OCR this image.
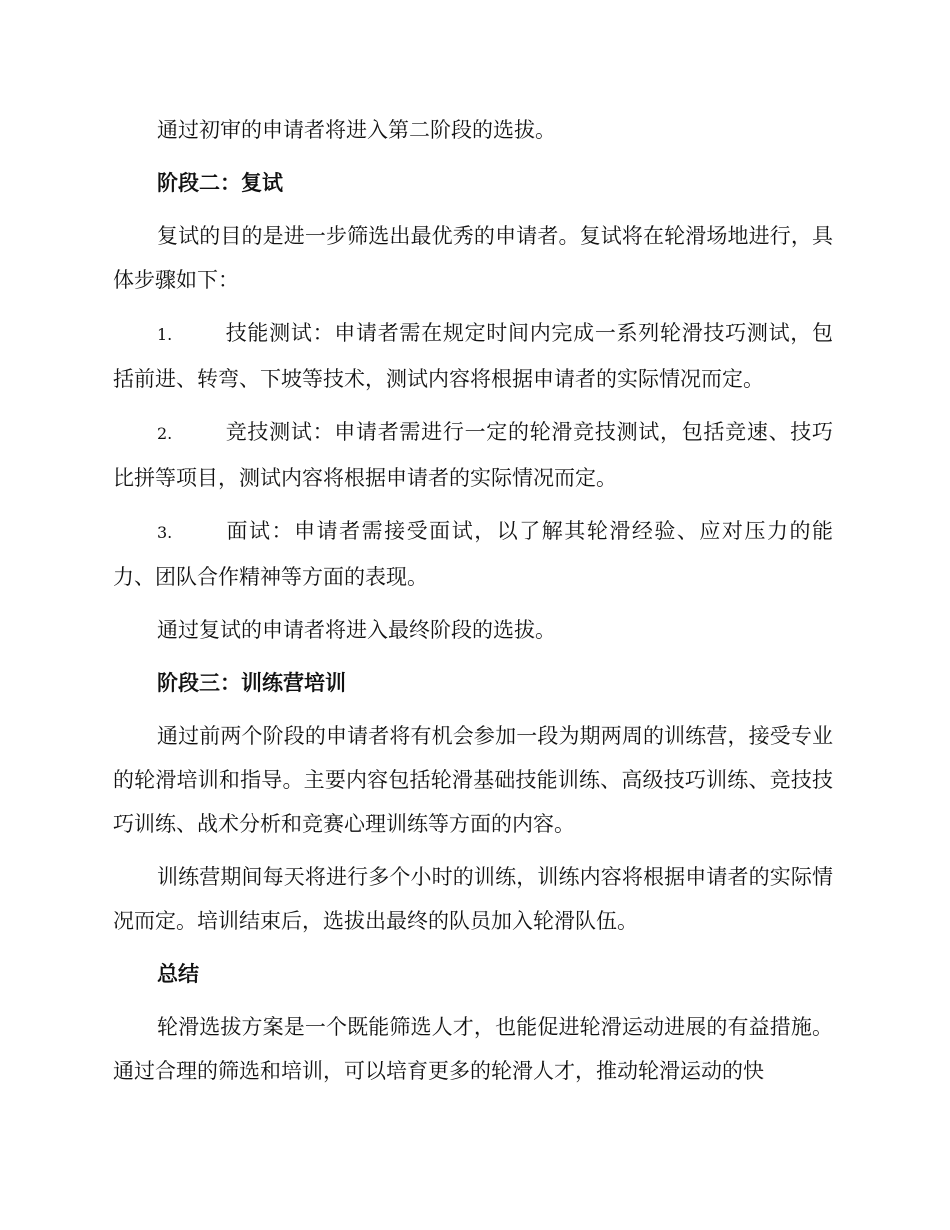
通过初审的申请者将进入第二阶段的选拔。

阶段二：复试

复试的目的是进一步筛选出最优秀的申请者。复试将在轮滑场地进行，具体步骤如下：

1.	技能测试：申请者需在规定时间内完成一系列轮滑技巧测试，包括前进、转弯、下坡等技术，测试内容将根据申请者的实际情况而定。
2.	竞技测试：申请者需进行一定的轮滑竞技测试，包括竞速、技巧比拼等项目，测试内容将根据申请者的实际情况而定。
3.	面试：申请者需接受面试，以了解其轮滑经验、应对压力的能力、团队合作精神等方面的表现。

通过复试的申请者将进入最终阶段的选拔。

阶段三：训练营培训

通过前两个阶段的申请者将有机会参加一段为期两周的训练营，接受专业的轮滑培训和指导。主要内容包括轮滑基础技能训练、高级技巧训练、竞技技巧训练、战术分析和竞赛心理训练等方面的内容。

训练营期间每天将进行多个小时的训练，训练内容将根据申请者的实际情况而定。培训结束后，选拔出最终的队员加入轮滑队伍。

总结

轮滑选拔方案是一个既能筛选人才，也能促进轮滑运动进展的有益措施。通过合理的筛选和培训，可以培育更多的轮滑人才，推动轮滑运动的快
